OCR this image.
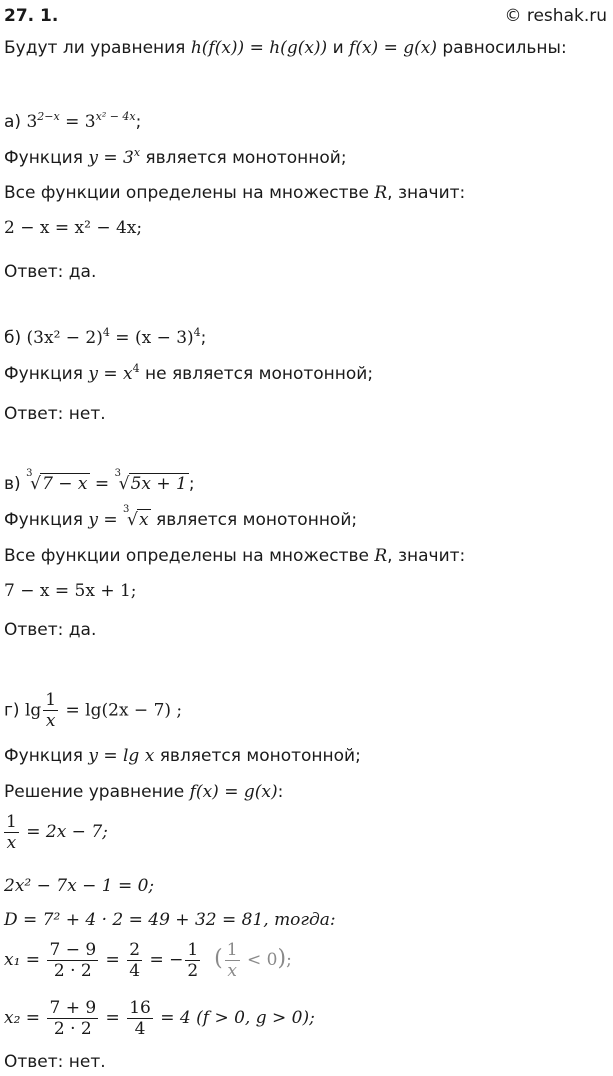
27. 1.	© reshak.ru
Будут ли уравнения h(f(x)) = h(g(x)) и f(x) = g(x) равносильны:
а) $3^{2-x} = 3^{x^2 - 4x}$;
Функция $y = 3^x$ является монотонной;
Все функции определены на множестве R, значит:
2 − x = x² − 4x;
Ответ: да.
б) $(3x^2 - 2)^4 = (x - 3)^4$;
Функция $y = x^4$ не является монотонной;
Ответ: нет.
в)
3
√ 7 − x =
3
√ 5x + 1 ;
Функция y =
3
√ x является монотонной;
Все функции определены на множестве R, значит:
7 − x = 5x + 1;
Ответ: да.
г) $\lg \frac{1}{x} = \lg(2x - 7)$ ;
Функция y = lg x является монотонной;
Решение уравнение f(x) = g(x):
$\frac{1}{x} = 2x - 7$;
2x² − 7x − 1 = 0;
D = 7² + 4 · 2 = 49 + 32 = 81, тогда:
$x_1 = \frac{7 - 9}{2 \cdot 2} = \frac{2}{4}$ = − $\frac{1}{2}$ ( $\frac{1}{x} < 0$);
$x_2 = \frac{7 + 9}{2 \cdot 2} = \frac{16}{4} = 4$ (f > 0, g > 0);
Ответ: нет.
